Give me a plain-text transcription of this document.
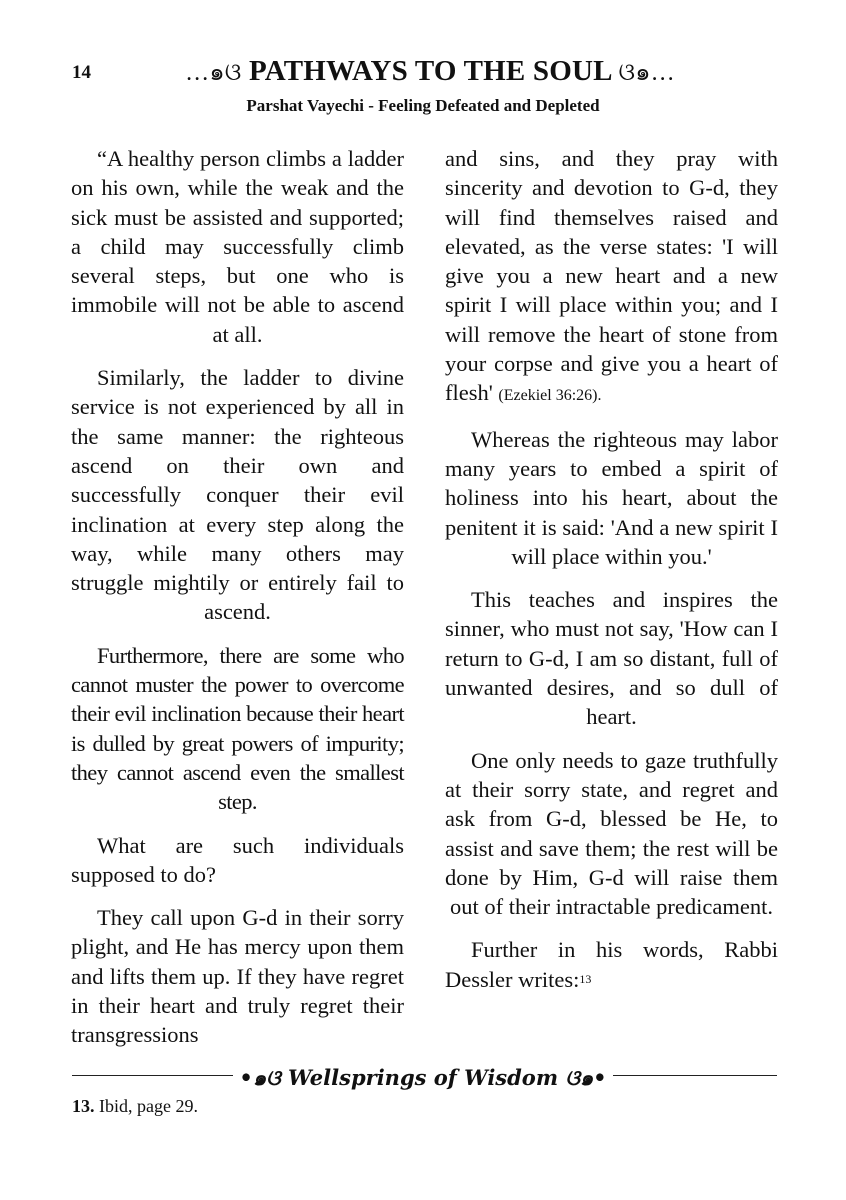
14	…๑ଓ PATHWAYS TO THE SOUL ଓ๑…
Parshat Vayechi - Feeling Defeated and Depleted

“A healthy person climbs a ladder on his own, while the weak and the sick must be assisted and supported; a child may successfully climb several steps, but one who is immobile will not be able to ascend at all.

Similarly, the ladder to divine service is not experienced by all in the same manner: the righteous ascend on their own and successfully conquer their evil inclination at every step along the way, while many others may struggle mightily or entirely fail to ascend.

Furthermore, there are some who cannot muster the power to overcome their evil inclination because their heart is dulled by great powers of impurity; they cannot ascend even the smallest step.

What are such individuals supposed to do?

They call upon G-d in their sorry plight, and He has mercy upon them and lifts them up. If they have regret in their heart and truly regret their transgressions

and sins, and they pray with sincerity and devotion to G-d, they will find themselves raised and elevated, as the verse states: 'I will give you a new heart and a new spirit I will place within you; and I will remove the heart of stone from your corpse and give you a heart of flesh' (Ezekiel 36:26).

Whereas the righteous may labor many years to embed a spirit of holiness into his heart, about the penitent it is said: 'And a new spirit I will place within you.'

This teaches and inspires the sinner, who must not say, 'How can I return to G-d, I am so distant, full of unwanted desires, and so dull of heart.

One only needs to gaze truthfully at their sorry state, and regret and ask from G-d, blessed be He, to assist and save them; the rest will be done by Him, G-d will raise them out of their intractable predicament.

Further in his words, Rabbi Dessler writes:$^{13}$

•๑ଓ Wellsprings of Wisdom ଓ๑•
13. Ibid, page 29.
